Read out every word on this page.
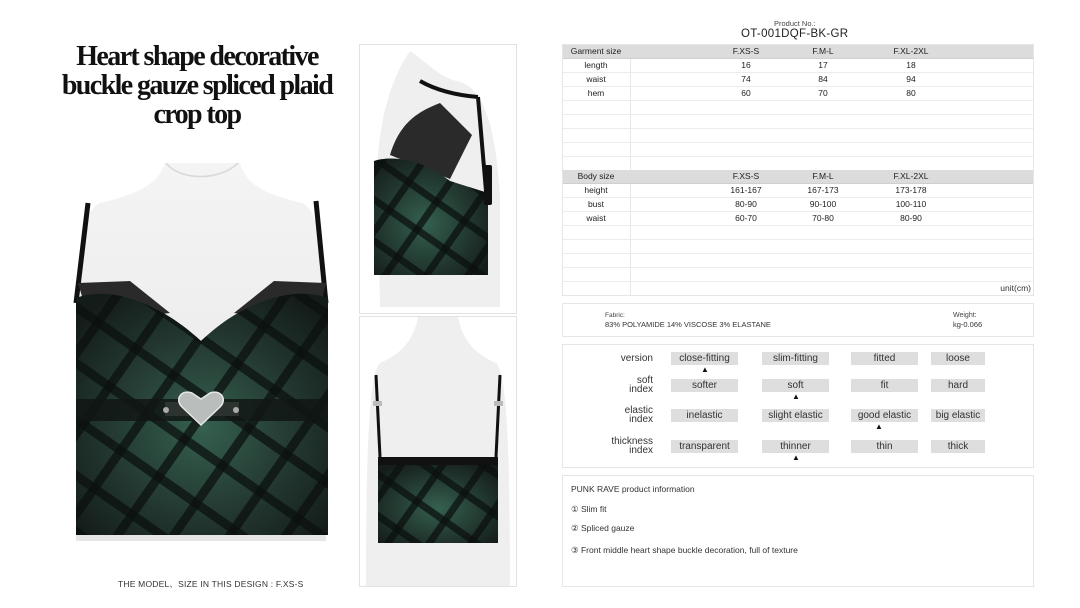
Heart shape decorative buckle gauze spliced plaid crop top
THE MODEL、SIZE IN THIS DESIGN : F.XS-S
Product No.:
OT-001DQF-BK-GR
Garment size	F.XS-S	F.M-L	F.XL-2XL
length	16	17	18
waist	74	84	94
hem	60	70	80
Body size	F.XS-S	F.M-L	F.XL-2XL
height	161-167	167-173	173-178
bust	80-90	90-100	100-110
waist	60-70	70-80	80-90
unit(cm)
Fabric:
83% POLYAMIDE 14% VISCOSE 3% ELASTANE
Weight:
kg-0.066
version	close-fitting	slim-fitting	fitted	loose
▲
soft
index	softer	soft	fit	hard
▲
elastic
index	inelastic	slight elastic	good elastic	big elastic
▲
thickness
index	transparent	thinner	thin	thick
▲
PUNK RAVE product information
① Slim fit
② Spliced gauze
③ Front middle heart shape buckle decoration, full of texture
